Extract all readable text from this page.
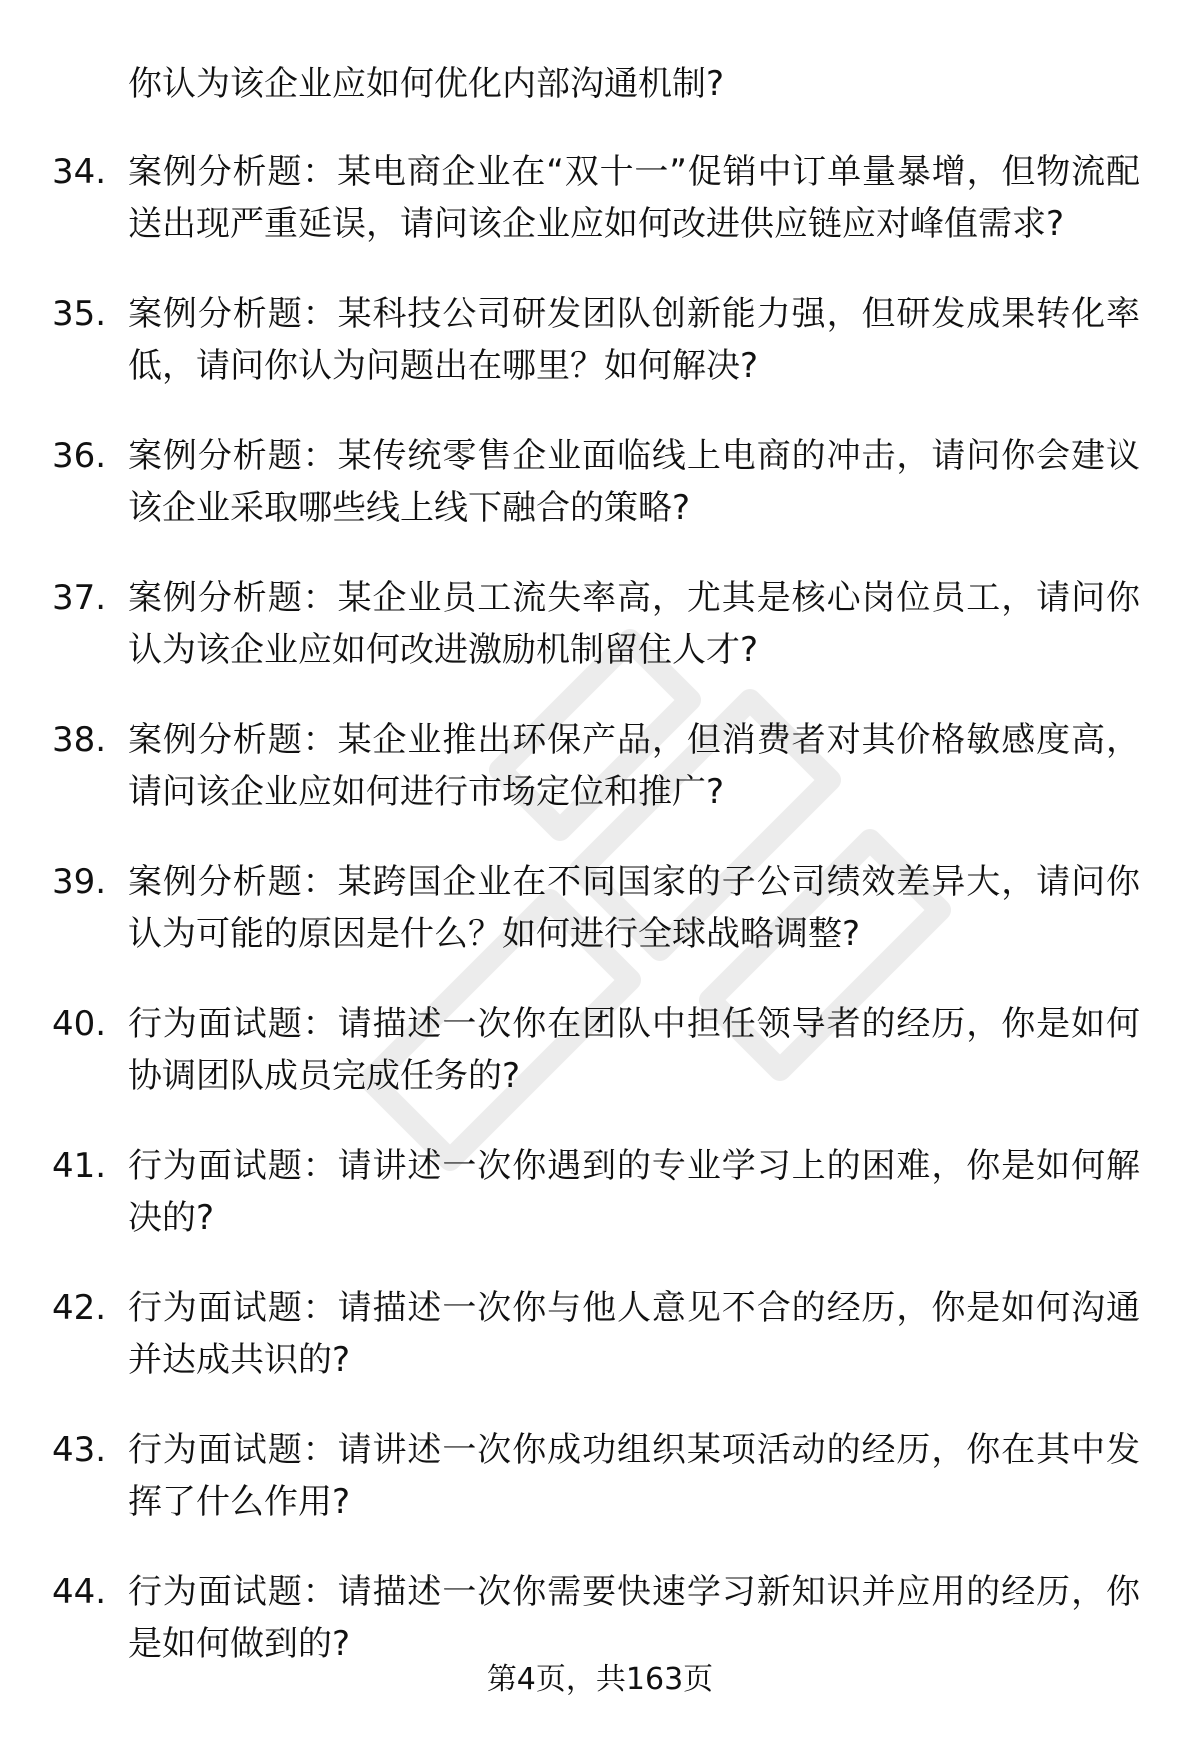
你认为该企业应如何优化内部沟通机制?
34. 案例分析题：某电商企业在“双十一”促销中订单量暴增，但物流配送出现严重延误，请问该企业应如何改进供应链应对峰值需求?
35. 案例分析题：某科技公司研发团队创新能力强，但研发成果转化率低，请问你认为问题出在哪里？如何解决?
36. 案例分析题：某传统零售企业面临线上电商的冲击，请问你会建议该企业采取哪些线上线下融合的策略?
37. 案例分析题：某企业员工流失率高，尤其是核心岗位员工，请问你认为该企业应如何改进激励机制留住人才?
38. 案例分析题：某企业推出环保产品，但消费者对其价格敏感度高，请问该企业应如何进行市场定位和推广?
39. 案例分析题：某跨国企业在不同国家的子公司绩效差异大，请问你认为可能的原因是什么？如何进行全球战略调整?
40. 行为面试题：请描述一次你在团队中担任领导者的经历，你是如何协调团队成员完成任务的?
41. 行为面试题：请讲述一次你遇到的专业学习上的困难，你是如何解决的?
42. 行为面试题：请描述一次你与他人意见不合的经历，你是如何沟通并达成共识的?
43. 行为面试题：请讲述一次你成功组织某项活动的经历，你在其中发挥了什么作用?
44. 行为面试题：请描述一次你需要快速学习新知识并应用的经历，你是如何做到的?
第4页，共163页
